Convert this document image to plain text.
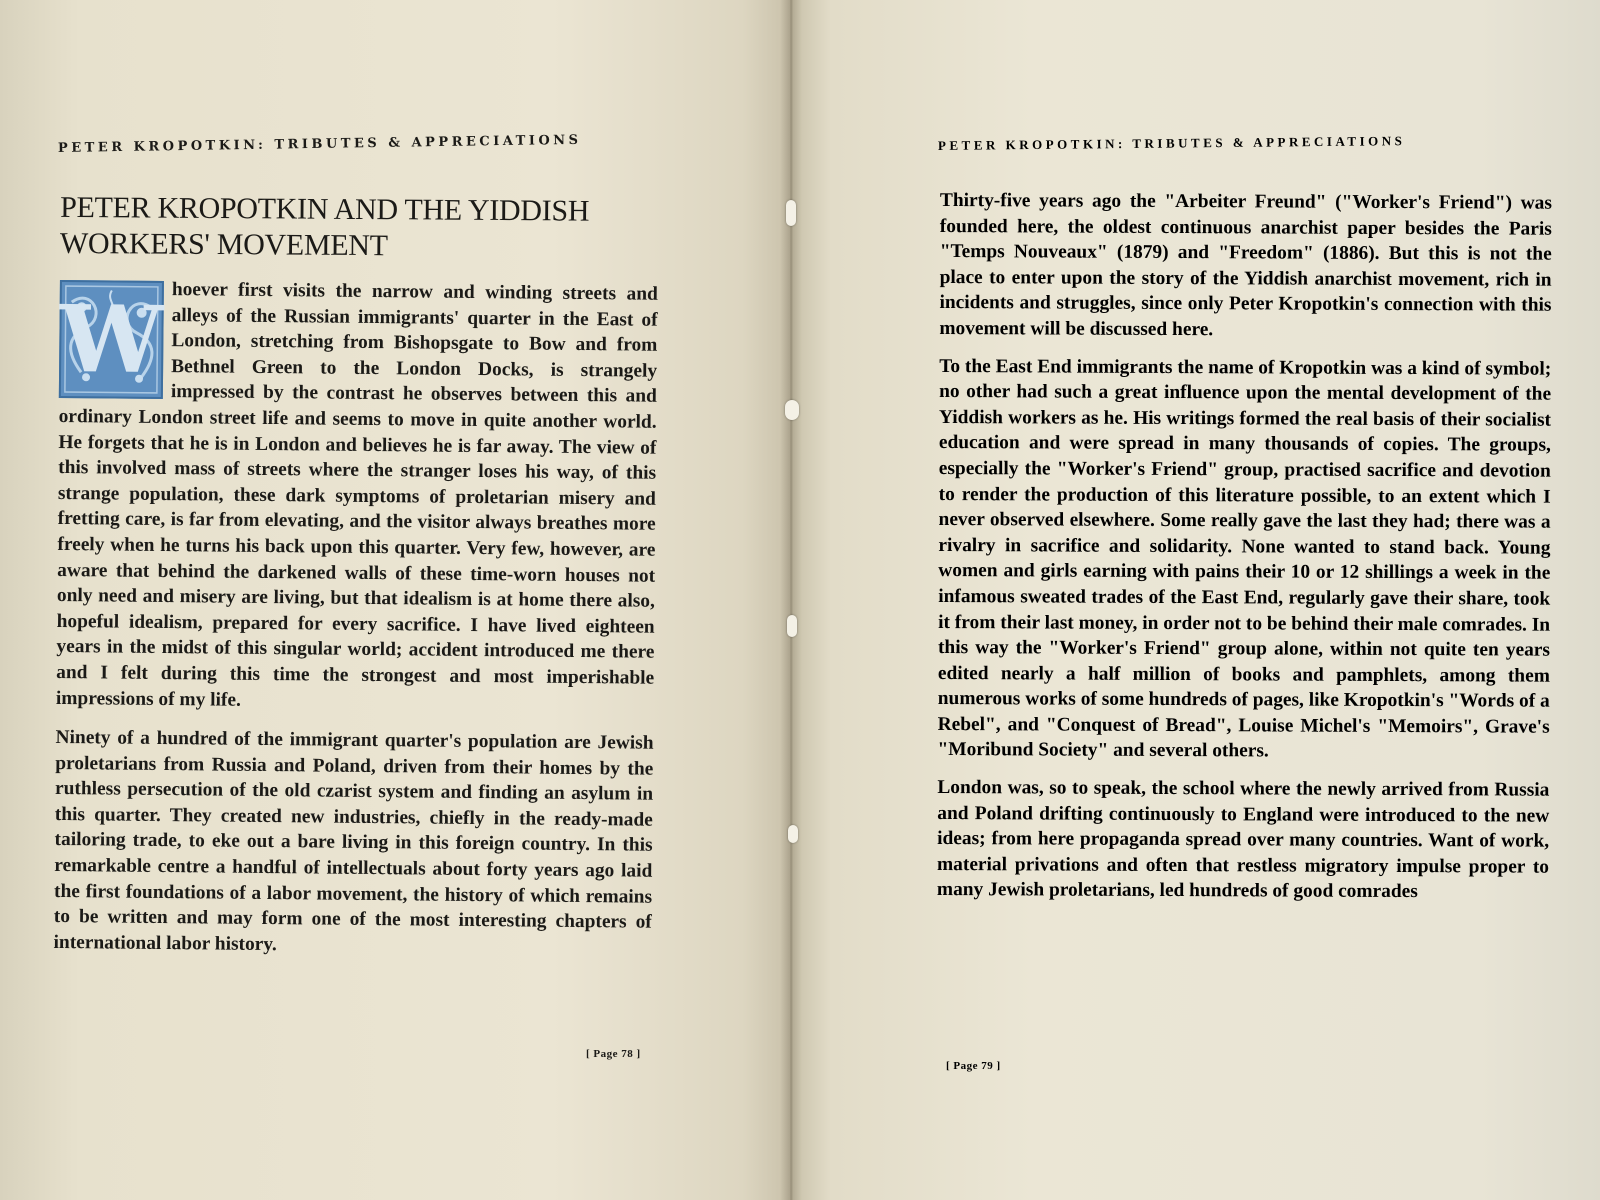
PETER KROPOTKIN: TRIBUTES & APPRECIATIONS
PETER KROPOTKIN AND THE YIDDISH
WORKERS' MOVEMENT

W hoever first visits the narrow and winding streets and alleys of the Russian immigrants' quarter in the East of London, stretching from Bishopsgate to Bow and from Bethnel Green to the London Docks, is strangely impressed by the contrast he observes between this and ordinary London street life and seems to move in quite another world. He forgets that he is in London and believes he is far away. The view of this involved mass of streets where the stranger loses his way, of this strange population, these dark symptoms of proletarian misery and fretting care, is far from elevating, and the visitor always breathes more freely when he turns his back upon this quarter. Very few, however, are aware that behind the darkened walls of these time-worn houses not only need and misery are living, but that idealism is at home there also, hopeful idealism, prepared for every sacrifice. I have lived eighteen years in the midst of this singular world; accident introduced me there and I felt during this time the strongest and most imperishable impressions of my life.

Ninety of a hundred of the immigrant quarter's population are Jewish proletarians from Russia and Poland, driven from their homes by the ruthless persecution of the old czarist system and finding an asylum in this quarter. They created new industries, chiefly in the ready-made tailoring trade, to eke out a bare living in this foreign country. In this remarkable centre a handful of intellectuals about forty years ago laid the first foundations of a labor movement, the history of which remains to be written and may form one of the most interesting chapters of international labor history.

[ Page 78 ]
PETER KROPOTKIN: TRIBUTES & APPRECIATIONS

Thirty-five years ago the "Arbeiter Freund" ("Worker's Friend") was founded here, the oldest continuous anarchist paper besides the Paris "Temps Nouveaux" (1879) and "Freedom" (1886). But this is not the place to enter upon the story of the Yiddish anarchist movement, rich in incidents and struggles, since only Peter Kropotkin's connection with this movement will be discussed here.

To the East End immigrants the name of Kropotkin was a kind of symbol; no other had such a great influence upon the mental development of the Yiddish workers as he. His writings formed the real basis of their socialist education and were spread in many thousands of copies. The groups, especially the "Worker's Friend" group, practised sacrifice and devotion to render the production of this literature possible, to an extent which I never observed elsewhere. Some really gave the last they had; there was a rivalry in sacrifice and solidarity. None wanted to stand back. Young women and girls earning with pains their 10 or 12 shillings a week in the infamous sweated trades of the East End, regularly gave their share, took it from their last money, in order not to be behind their male comrades. In this way the "Worker's Friend" group alone, within not quite ten years edited nearly a half million of books and pamphlets, among them numerous works of some hundreds of pages, like Kropotkin's "Words of a Rebel", and "Conquest of Bread", Louise Michel's "Memoirs", Grave's "Moribund Society" and several others.

London was, so to speak, the school where the newly arrived from Russia and Poland drifting continuously to England were introduced to the new ideas; from here propaganda spread over many countries. Want of work, material privations and often that restless migratory impulse proper to many Jewish proletarians, led hundreds of good comrades

[ Page 79 ]
